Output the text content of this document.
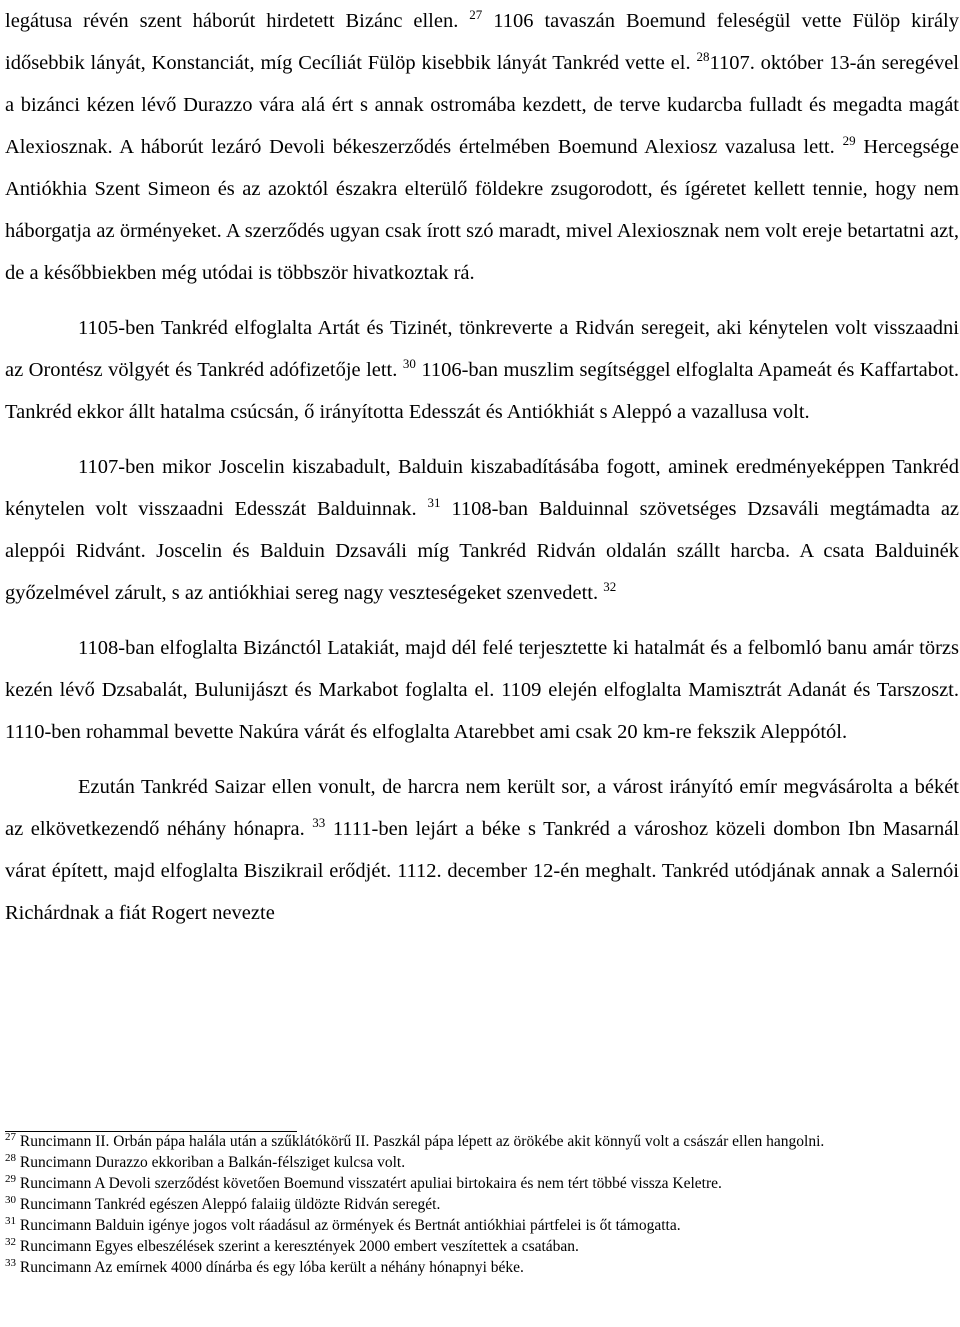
legátusa révén szent háborút hirdetett Bizánc ellen. $^{27}$ 1106 tavaszán Boemund feleségül vette Fülöp király idősebbik lányát, Konstanciát, míg Cecíliát Fülöp kisebbik lányát Tankréd vette el. $^{28}$1107. október 13-án seregével a bizánci kézen lévő Durazzo vára alá ért s annak ostromába kezdett, de terve kudarcba fulladt és megadta magát Alexiosznak. A háborút lezáró Devoli békeszerződés értelmében Boemund Alexiosz vazalusa lett. $^{29}$ Hercegsége Antiókhia Szent Simeon és az azoktól északra elterülő földekre zsugorodott, és ígéretet kellett tennie, hogy nem háborgatja az örményeket. A szerződés ugyan csak írott szó maradt, mivel Alexiosznak nem volt ereje betartatni azt, de a későbbiekben még utódai is többször hivatkoztak rá.

1105-ben Tankréd elfoglalta Artát és Tizinét, tönkreverte a Ridván seregeit, aki kénytelen volt visszaadni az Orontész völgyét és Tankréd adófizetője lett. $^{30}$ 1106-ban muszlim segítséggel elfoglalta Apameát és Kaffartabot. Tankréd ekkor állt hatalma csúcsán, ő irányította Edesszát és Antiókhiát s Aleppó a vazallusa volt.

1107-ben mikor Joscelin kiszabadult, Balduin kiszabadításába fogott, aminek eredményeképpen Tankréd kénytelen volt visszaadni Edesszát Balduinnak. $^{31}$ 1108-ban Balduinnal szövetséges Dzsaváli megtámadta az aleppói Ridvánt. Joscelin és Balduin Dzsaváli míg Tankréd Ridván oldalán szállt harcba. A csata Balduinék győzelmével zárult, s az antiókhiai sereg nagy veszteségeket szenvedett. $^{32}$

1108-ban elfoglalta Bizánctól Latakiát, majd dél felé terjesztette ki hatalmát és a felbomló banu amár törzs kezén lévő Dzsabalát, Bulunijászt és Markabot foglalta el. 1109 elején elfoglalta Mamisztrát Adanát és Tarszoszt. 1110-ben rohammal bevette Nakúra várát és elfoglalta Atarebbet ami csak 20 km-re fekszik Aleppótól.

Ezután Tankréd Saizar ellen vonult, de harcra nem került sor, a várost irányító emír megvásárolta a békét az elkövetkezendő néhány hónapra. $^{33}$ 1111-ben lejárt a béke s Tankréd a városhoz közeli dombon Ibn Masarnál várat épített, majd elfoglalta Biszikrail erődjét. 1112. december 12-én meghalt. Tankréd utódjának annak a Salernói Richárdnak a fiát Rogert nevezte

$^{27}$ Runcimann II. Orbán pápa halála után a szűklátókörű II. Paszkál pápa lépett az örökébe akit könnyű volt a császár ellen hangolni.

$^{28}$ Runcimann Durazzo ekkoriban a Balkán-félsziget kulcsa volt.

$^{29}$ Runcimann A Devoli szerződést követően Boemund visszatért apuliai birtokaira és nem tért többé vissza Keletre.

$^{30}$ Runcimann Tankréd egészen Aleppó falaiig üldözte Ridván seregét.

$^{31}$ Runcimann Balduin igénye jogos volt ráadásul az örmények és Bertnát antiókhiai pártfelei is őt támogatta.

$^{32}$ Runcimann Egyes elbeszélések szerint a keresztények 2000 embert veszítettek a csatában.

$^{33}$ Runcimann Az emírnek 4000 dínárba és egy lóba került a néhány hónapnyi béke.
